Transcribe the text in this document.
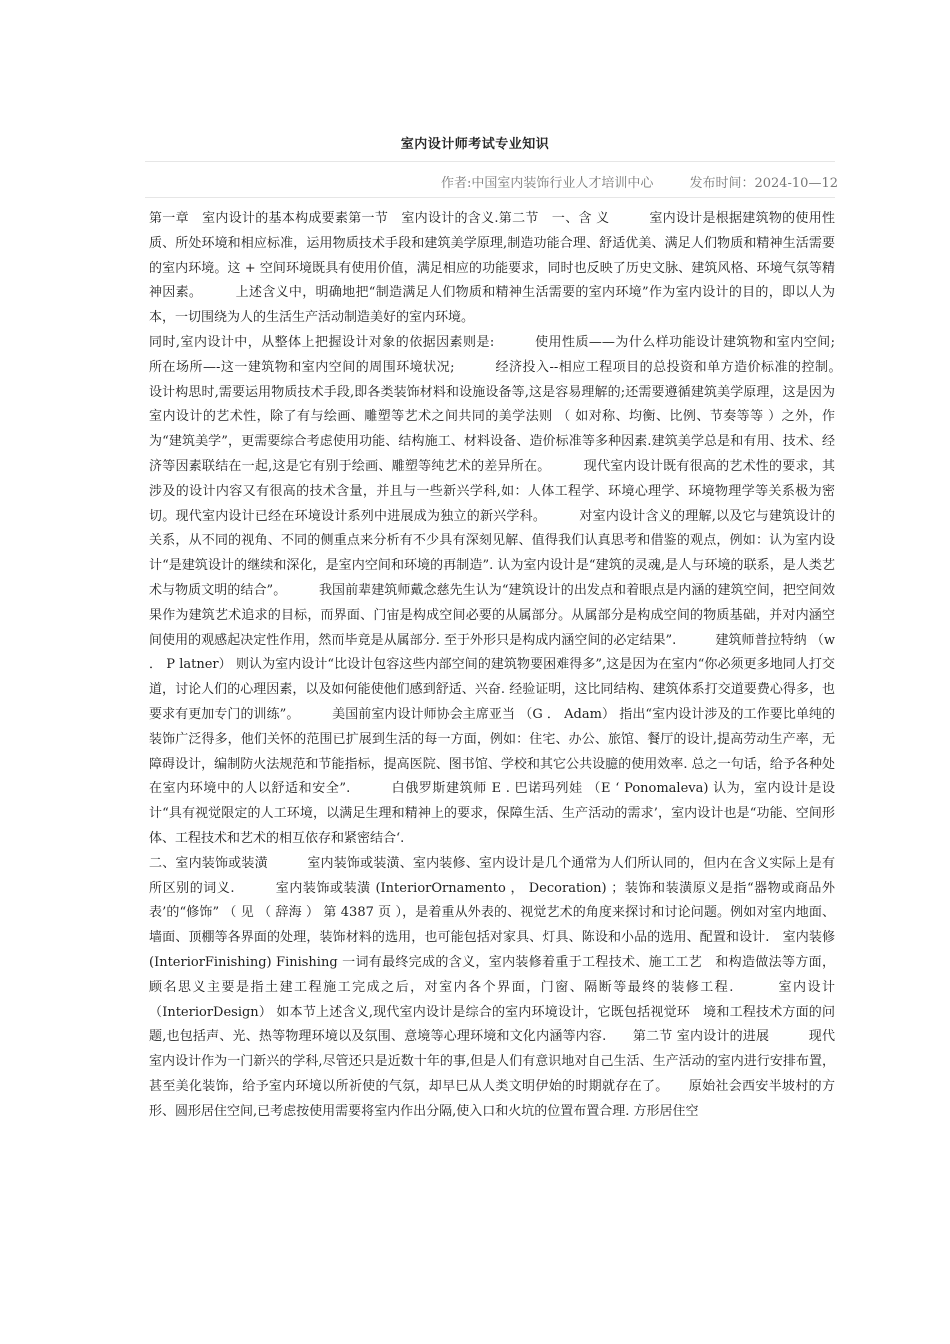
室内设计师考试专业知识
作者:中国室内装饰行业人才培训中心	发布时间：2024-10—12

第一章　室内设计的基本构成要素第一节　室内设计的含义.第二节　一、含 义　　　室内设计是根据建筑物的使用性质、所处环境和相应标准，运用物质技术手段和建筑美学原理,制造功能合理、舒适优美、满足人们物质和精神生活需要的室内环境。这 + 空间环境既具有使用价值，满足相应的功能要求，同时也反映了历史文脉、建筑风格、环境气氛等精神因素。　　　上述含义中，明确地把“制造满足人们物质和精神生活需要的室内环境”作为室内设计的目的，即以人为本，一切围绕为人的生活生产活动制造美好的室内环境。

同时,室内设计中，从整体上把握设计对象的依据因素则是:　　　使用性质——为什么样功能设计建筑物和室内空间;　　　所在场所—-这一建筑物和室内空间的周围环境状况;　　　经济投入--相应工程项目的总投资和单方造价标准的控制。　　　设计构思时,需要运用物质技术手段,即各类装饰材料和设施设备等,这是容易理解的;还需要遵循建筑美学原理，这是因为室内设计的艺术性，除了有与绘画、雕塑等艺术之间共同的美学法则 （ 如对称、均衡、比例、节奏等等 ）之外，作为“建筑美学”，更需要综合考虑使用功能、结构施工、材料设备、造价标准等多种因素.建筑美学总是和有用、技术、经济等因素联结在一起,这是它有别于绘画、雕塑等纯艺术的差异所在。　　　现代室内设计既有很高的艺术性的要求，其涉及的设计内容又有很高的技术含量，并且与一些新兴学科,如：人体工程学、环境心理学、环境物理学等关系极为密切。现代室内设计已经在环境设计系列中进展成为独立的新兴学科。　　　对室内设计含义的理解,以及它与建筑设计的关系，从不同的视角、不同的侧重点来分析有不少具有深刻见解、值得我们认真思考和借鉴的观点，例如：认为室内设计“是建筑设计的继续和深化，是室内空间和环境的再制造”. 认为室内设计是“建筑的灵魂,是人与环境的联系，是人类艺术与物质文明的结合”。　　　我国前辈建筑师戴念慈先生认为“建筑设计的出发点和着眼点是内涵的建筑空间，把空间效果作为建筑艺术追求的目标，而界面、门宙是构成空间必要的从属部分。从属部分是构成空间的物质基础，并对内涵空间使用的观感起决定性作用，然而毕竟是从属部分. 至于外形只是构成内涵空间的必定结果”.　　　建筑师普拉特纳 （w ． P latner） 则认为室内设计“比设计包容这些内部空间的建筑物要困难得多”,这是因为在室内“你必须更多地同人打交道，讨论人们的心理因素，以及如何能使他们感到舒适、兴奋. 经验证明，这比同结构、建筑体系打交道要费心得多，也要求有更加专门的训练”。　　　美国前室内设计师协会主席亚当 （G ． Adam） 指出“室内设计涉及的工作要比单纯的装饰广泛得多，他们关怀的范围已扩展到生活的每一方面，例如：住宅、办公、旅馆、餐厅的设计,提高劳动生产率，无障碍设计，编制防火法规范和节能指标，提高医院、图书馆、学校和其它公共设臆的使用效率. 总之一句话，给予各种处在室内环境中的人以舒适和安全”.　　　白俄罗斯建筑师 E . 巴诺玛列娃 （E ‘ Ponomaleva) 认为，室内设计是设计“具有视觉限定的人工环境，以满足生理和精神上的要求，保障生活、生产活动的需求’，室内设计也是“功能、空间形体、工程技术和艺术的相互依存和紧密结合‘.

二、室内装饰或装潢　　　室内装饰或装潢、室内装修、室内设计是几个通常为人们所认同的，但内在含义实际上是有所区别的词义.　　　室内装饰或装潢 (InteriorOrnamento ， Decoration) ；装饰和装潢原义是指“器物或商品外表’的“修饰” （ 见 （ 辞海 ） 第 4387 页 ），是着重从外表的、视觉艺术的角度来探讨和讨论问题。例如对室内地面、墙面、顶棚等各界面的处理，装饰材料的选用，也可能包括对家具、灯具、陈设和小品的选用、配置和设计.　室内装修 (InteriorFinishing) Finishing 一词有最终完成的含义，室内装修着重于工程技术、施工工艺　和构造做法等方面，顾名思义主要是指土建工程施工完成之后，对室内各个界面，门窗、隔断等最终的装修工程.　　　室内设计 （InteriorDesign） 如本节上述含义,现代室内设计是综合的室内环境设计，它既包括视觉环　境和工程技术方面的问题,也包括声、光、热等物理环境以及氛围、意境等心理环境和文化内涵等内容.　　第二节 室内设计的进展　　　现代室内设计作为一门新兴的学科,尽管还只是近数十年的事,但是人们有意识地对自己生活、生产活动的室内进行安排布置，甚至美化装饰，给予室内环境以所祈使的气氛，却早巳从人类文明伊始的时期就存在了。　　原始社会西安半坡村的方形、圆形居住空间,已考虑按使用需要将室内作出分隔,使入口和火坑的位置布置合理. 方形居住空
